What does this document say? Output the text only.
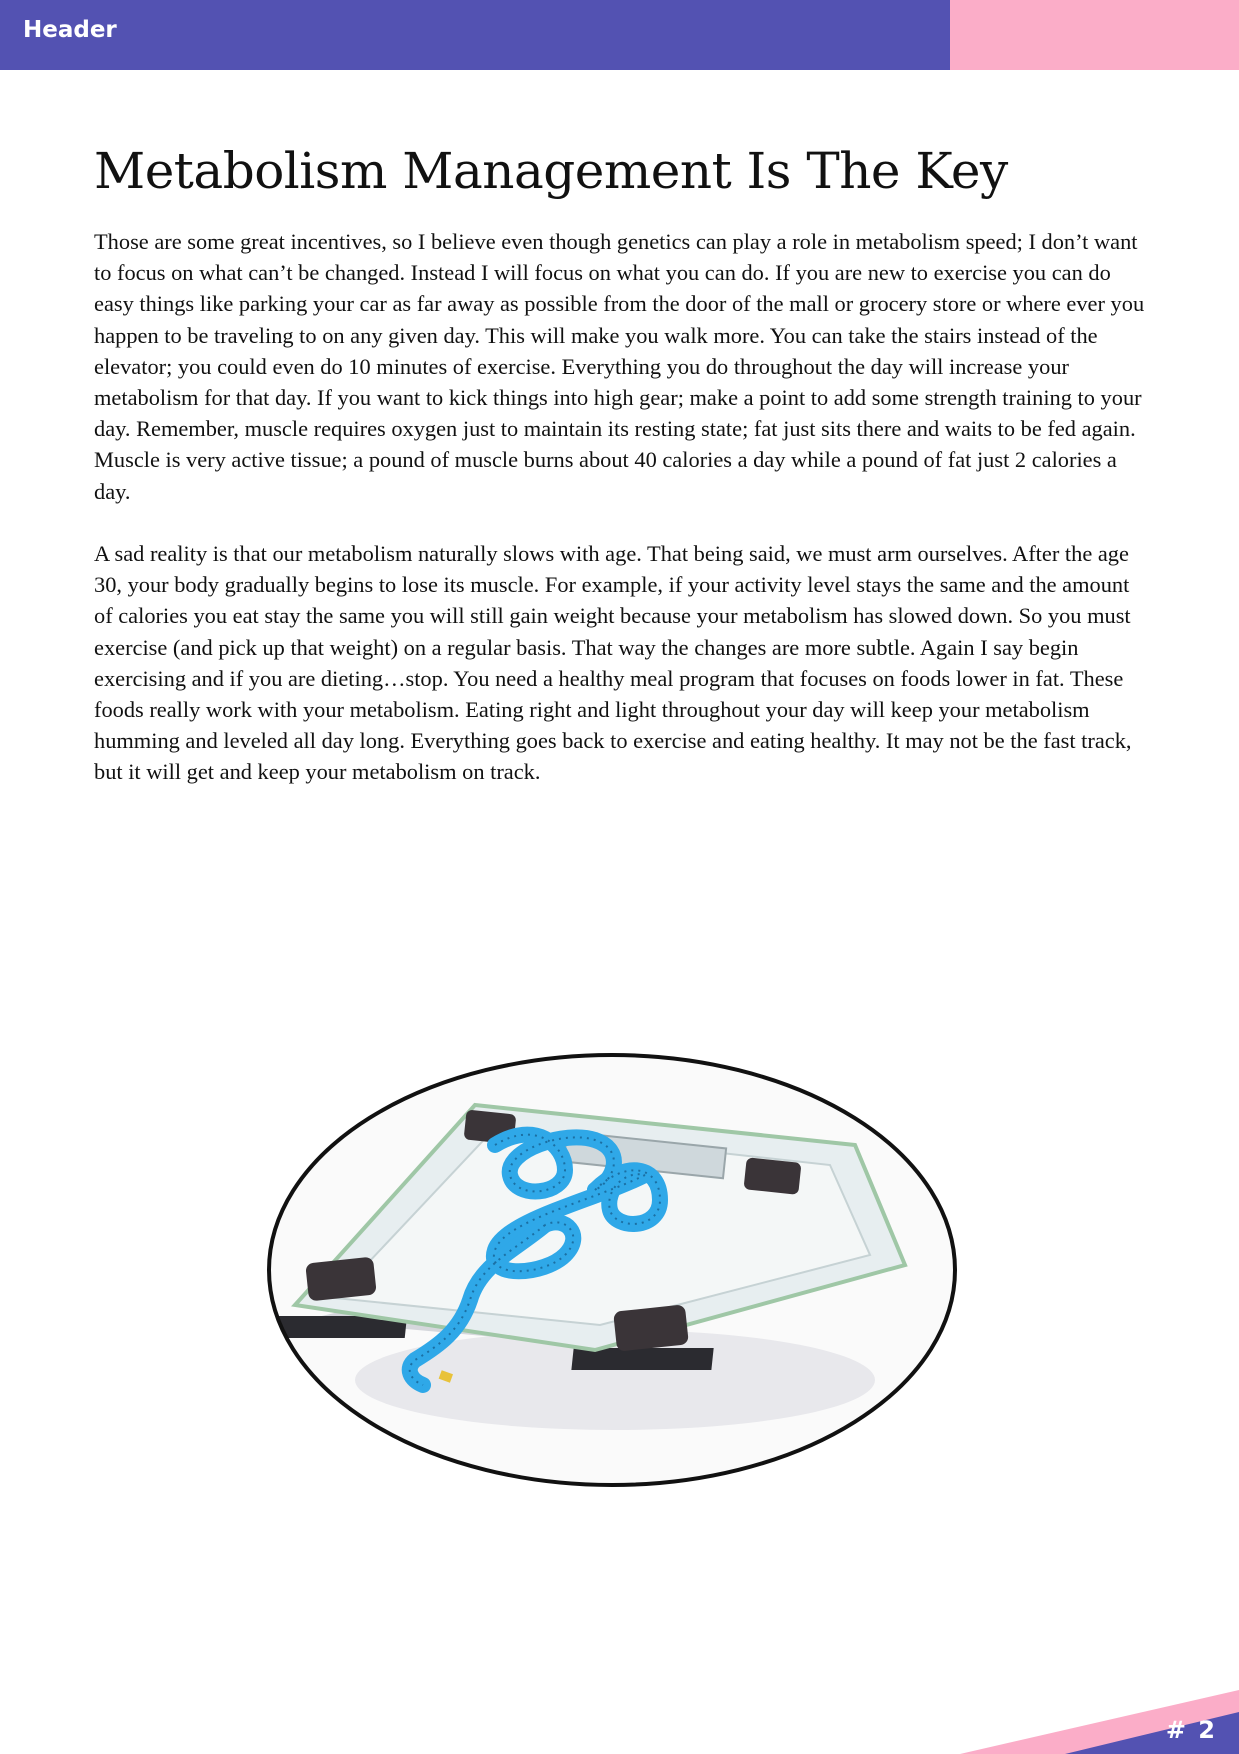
Header
Metabolism Management Is The Key

Those are some great incentives, so I believe even though genetics can play a role in metabolism speed; I don’t want to focus on what can’t be changed. Instead I will focus on what you can do. If you are new to exercise you can do easy things like parking your car as far away as possible from the door of the mall or grocery store or where ever you happen to be traveling to on any given day. This will make you walk more. You can take the stairs instead of the elevator; you could even do 10 minutes of exercise. Everything you do throughout the day will increase your metabolism for that day. If you want to kick things into high gear; make a point to add some strength training to your day. Remember, muscle requires oxygen just to maintain its resting state; fat just sits there and waits to be fed again. Muscle is very active tissue; a pound of muscle burns about 40 calories a day while a pound of fat just 2 calories a day.

A sad reality is that our metabolism naturally slows with age. That being said, we must arm ourselves. After the age 30, your body gradually begins to lose its muscle. For example, if your activity level stays the same and the amount of calories you eat stay the same you will still gain weight because your metabolism has slowed down. So you must exercise (and pick up that weight) on a regular basis. That way the changes are more subtle. Again I say begin exercising and if you are dieting…stop. You need a healthy meal program that focuses on foods lower in fat. These foods really work with your metabolism. Eating right and light throughout your day will keep your metabolism humming and leveled all day long. Everything goes back to exercise and eating healthy. It may not be the fast track, but it will get and keep your metabolism on track.

# 2
